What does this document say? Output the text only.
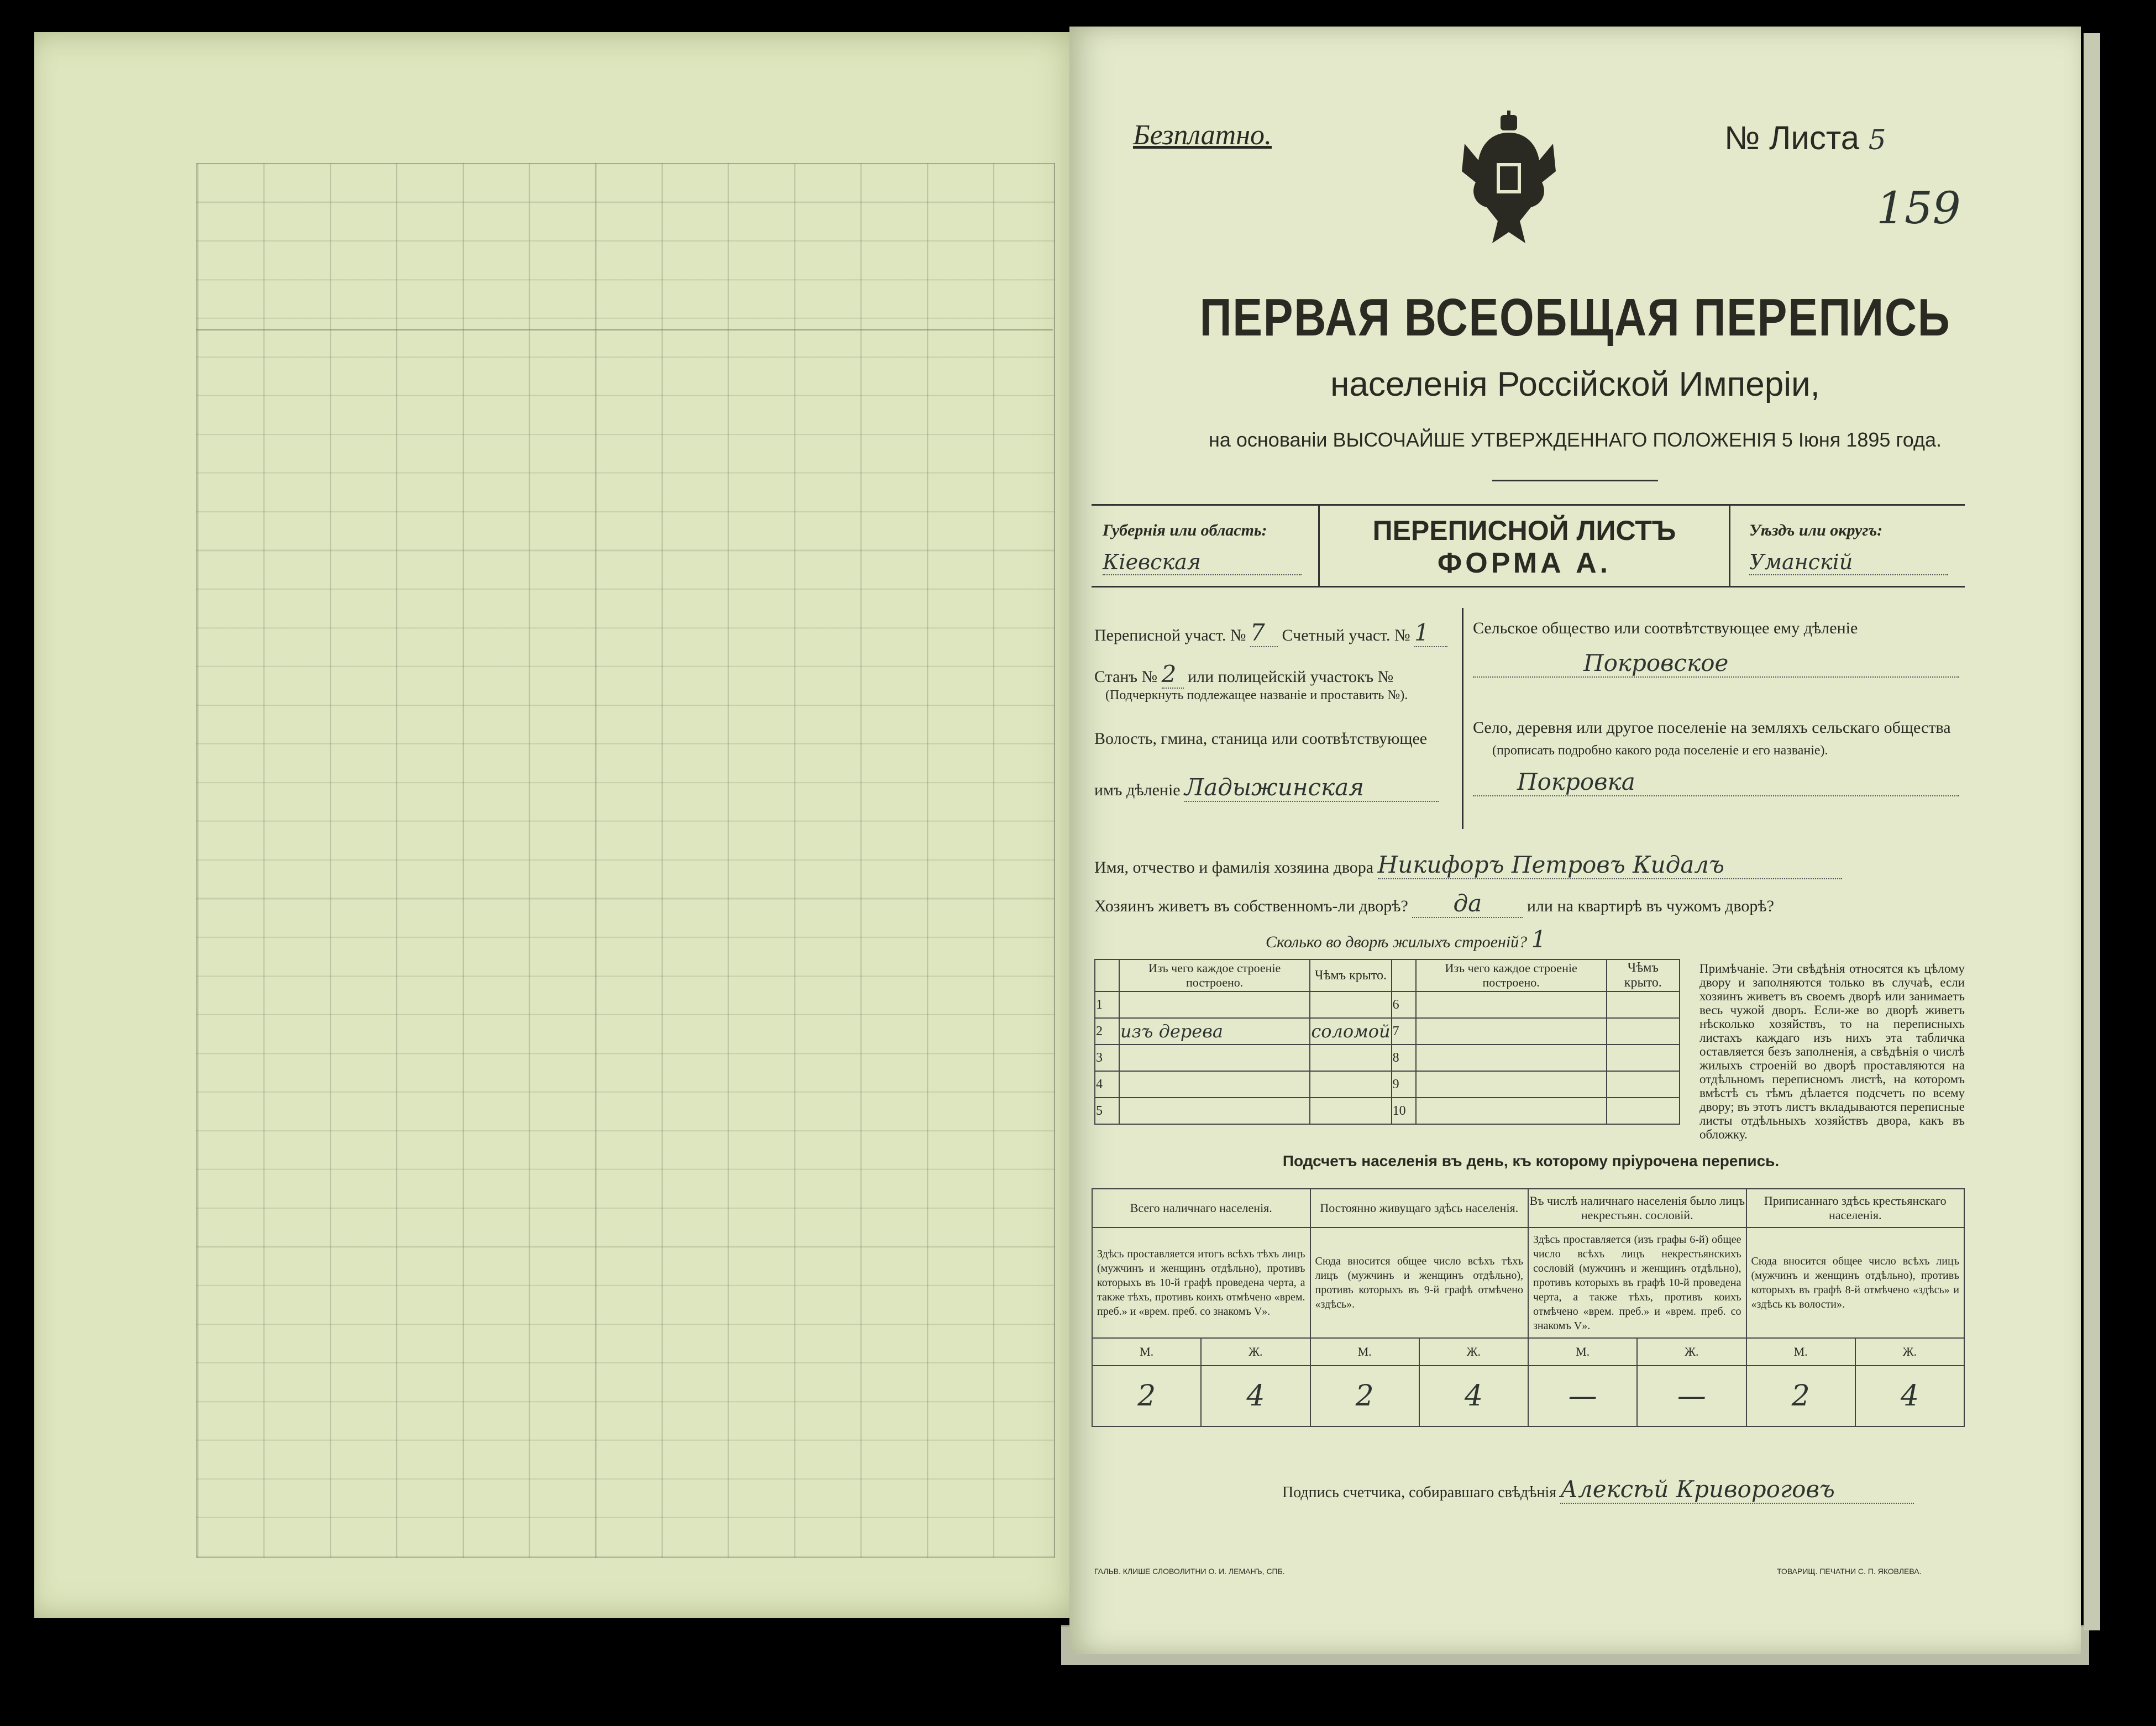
Безплатно.	№ Листа 5
159
ПЕРВАЯ ВСЕОБЩАЯ ПЕРЕПИСЬ
населенія Россійской Имперіи,
на основаніи ВЫСОЧАЙШЕ УТВЕРЖДЕННАГО ПОЛОЖЕНІЯ 5 Іюня 1895 года.
Губернія или область:
Кіевская
ПЕРЕПИСНОЙ ЛИСТЪ
ФОРМА А.
Уѣздъ или округъ:
Уманскій
Переписной участ. № 7 Счетный участ. № 1
Станъ № 2 или полицейскій участокъ №
(Подчеркнуть подлежащее названіе и проставить №).
Волость, гмина, станица или соотвѣтствующее
имъ дѣленіе Ладыжинская
Сельское общество или соотвѣтствующее ему дѣленіе
Покровское
Село, деревня или другое поселеніе на земляхъ сельскаго общества
(прописать подробно какого рода поселеніе и его названіе).
Покровка
Имя, отчество и фамилія хозяина двора Никифоръ Петровъ Кидалъ
Хозяинъ живетъ въ собственномъ-ли дворѣ? да	или на квартирѣ въ чужомъ дворѣ?
Сколько во дворѣ жилыхъ строеній? 1
	Изъ чего каждое строеніе построено.	Чѣмъ крыто.		Изъ чего каждое строеніе построено.	Чѣмъ крыто.
1			6		
2	изъ дерева	соломой	7		
3			8		
4			9		
5			10		
Примѣчаніе. Эти свѣдѣнія относятся къ цѣлому двору и заполняются только въ случаѣ, если хозяинъ живетъ въ своемъ дворѣ или занимаетъ весь чужой дворъ. Если-же во дворѣ живетъ нѣсколько хозяйствъ, то на переписныхъ листахъ каждаго изъ нихъ эта табличка оставляется безъ заполненія, а свѣдѣнія о числѣ жилыхъ строеній во дворѣ проставляются на отдѣльномъ переписномъ листѣ, на которомъ вмѣстѣ съ тѣмъ дѣлается подсчетъ по всему двору; въ этотъ листъ вкладываются переписные листы отдѣльныхъ хозяйствъ двора, какъ въ обложку.
Подсчетъ населенія въ день, къ которому пріурочена перепись.
Всего наличнаго населенія.		Постоянно живущаго здѣсь населенія.		Въ числѣ наличнаго населенія было лицъ некрестьян. сословій.		Приписаннаго здѣсь крестьянскаго населенія.	
Здѣсь проставляется итогъ всѣхъ тѣхъ лицъ (мужчинъ и женщинъ отдѣльно), противъ которыхъ въ 10-й графѣ проведена черта, а также тѣхъ, противъ коихъ отмѣчено «врем. преб.» и «врем. преб. со знакомъ V».		Сюда вносится общее число всѣхъ тѣхъ лицъ (мужчинъ и женщинъ отдѣльно), противъ которыхъ въ 9-й графѣ отмѣчено «здѣсь».		Здѣсь проставляется (изъ графы 6-й) общее число всѣхъ лицъ некрестьянскихъ сословій (мужчинъ и женщинъ отдѣльно), противъ которыхъ въ графѣ 10-й проведена черта, а также тѣхъ, противъ коихъ отмѣчено «врем. преб.» и «врем. преб. со знакомъ V».		Сюда вносится общее число всѣхъ лицъ (мужчинъ и женщинъ отдѣльно), противъ которыхъ въ графѣ 8-й отмѣчено «здѣсь» и «здѣсь къ волости».	
М.	Ж.	М.	Ж.	М.	Ж.	М.	Ж.
2	4	2	4	—	—	2	4
Подпись счетчика, собиравшаго свѣдѣнія Алексѣй Кривороговъ
ГАЛЬВ. КЛИШЕ СЛОВОЛИТНИ О. И. ЛЕМАНЪ, СПБ.	ТОВАРИЩ. ПЕЧАТНИ С. П. ЯКОВЛЕВА.
